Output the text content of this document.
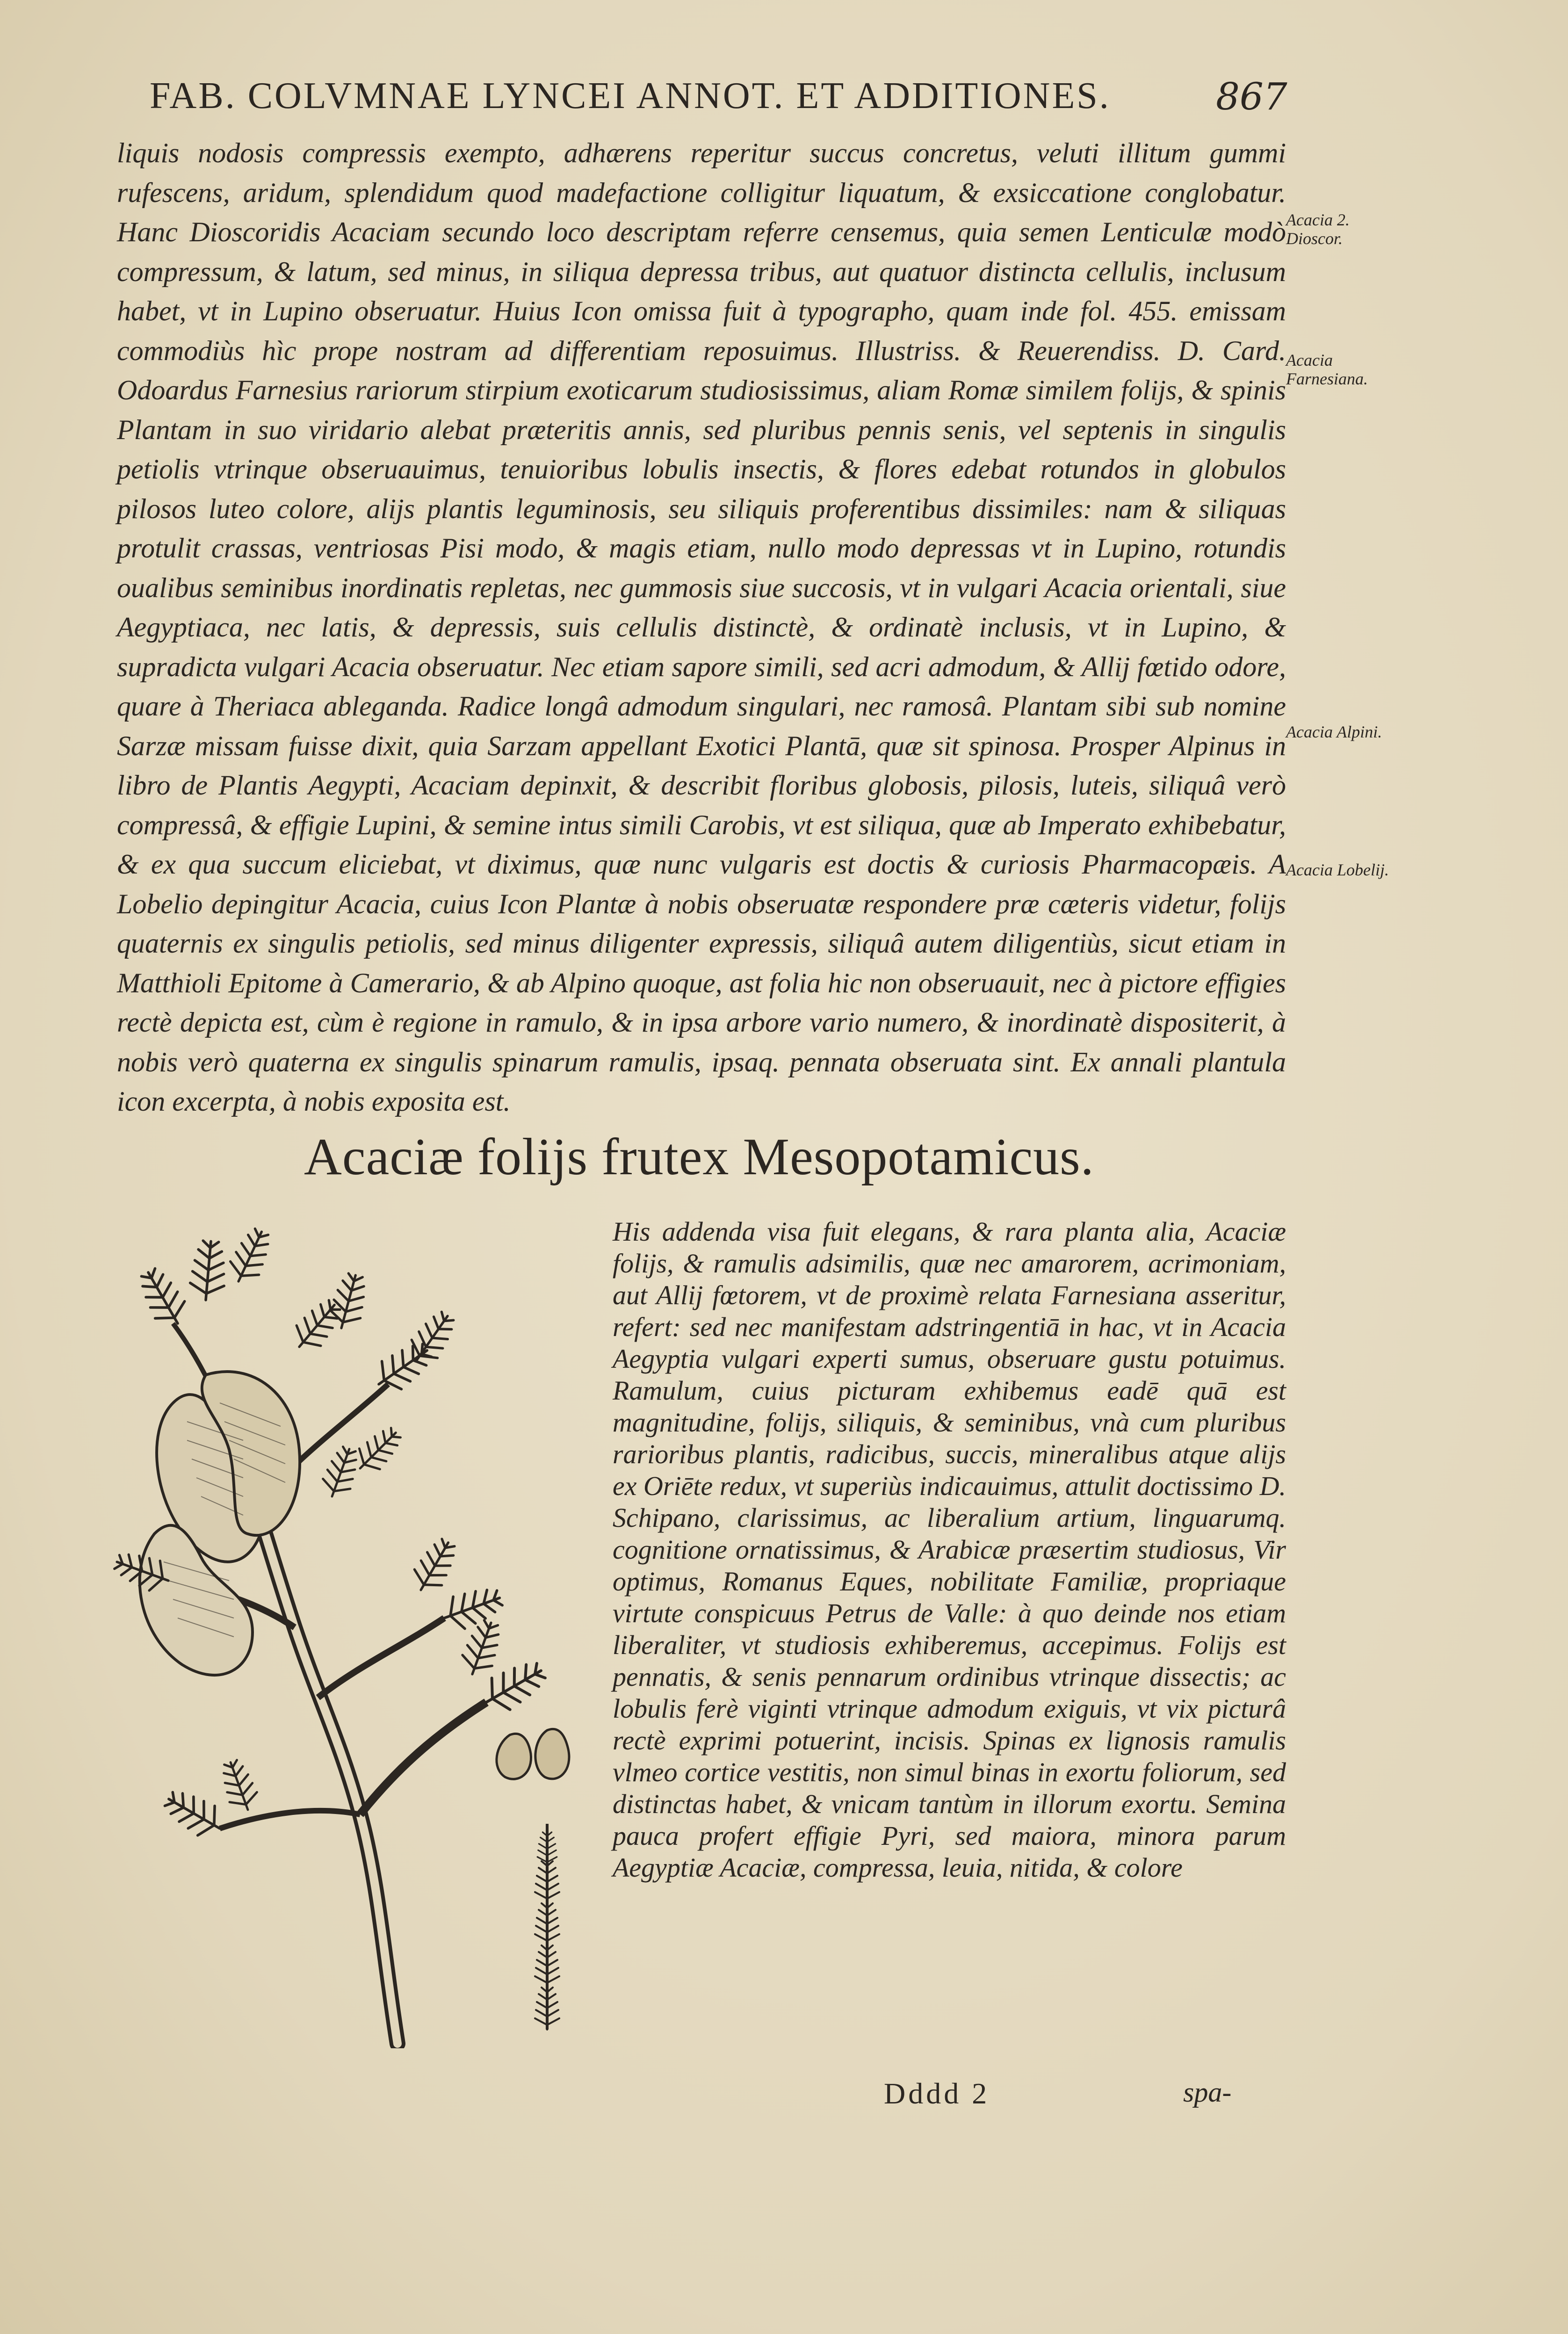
FAB. COLVMNAE LYNCEI ANNOT. ET ADDITIONES.	867
liquis nodosis compressis exempto, adhærens reperitur succus concretus, veluti illitum gummi rufescens, aridum, splendidum quod madefactione colligitur liquatum, & exsiccatione conglobatur. Hanc Dioscoridis Acaciam secundo loco descriptam referre censemus, quia semen Lenticulæ modò compressum, & latum, sed minus, in siliqua depressa tribus, aut quatuor distincta cellulis, inclusum habet, vt in Lupino obseruatur. Huius Icon omissa fuit à typographo, quam inde fol. 455. emissam commodiùs hìc prope nostram ad differentiam reposuimus. Illustriss. & Reuerendiss. D. Card. Odoardus Farnesius rariorum stirpium exoticarum studiosissimus, aliam Romæ similem folijs, & spinis Plantam in suo viridario alebat præteritis annis, sed pluribus pennis senis, vel septenis in singulis petiolis vtrinque obseruauimus, tenuioribus lobulis insectis, & flores edebat rotundos in globulos pilosos luteo colore, alijs plantis leguminosis, seu siliquis proferentibus dissimiles: nam & siliquas protulit crassas, ventriosas Pisi modo, & magis etiam, nullo modo depressas vt in Lupino, rotundis oualibus seminibus inordinatis repletas, nec gummosis siue succosis, vt in vulgari Acacia orientali, siue Aegyptiaca, nec latis, & depressis, suis cellulis distinctè, & ordinatè inclusis, vt in Lupino, & supradicta vulgari Acacia obseruatur. Nec etiam sapore simili, sed acri admodum, & Allij fœtido odore, quare à Theriaca ablegandа. Radice longâ admodum singulari, nec ramosâ. Plantam sibi sub nomine Sarzæ missam fuisse dixit, quia Sarzam appellant Exotici Plantā, quæ sit spinosa. Prosper Alpinus in libro de Plantis Aegypti, Acaciam depinxit, & describit floribus globosis, pilosis, luteis, siliquâ verò compressâ, & effigie Lupini, & semine intus simili Carobis, vt est siliqua, quæ ab Imperato exhibebatur, & ex qua succum eliciebat, vt diximus, quæ nunc vulgaris est doctis & curiosis Pharmacopæis. A Lobelio depingitur Acacia, cuius Icon Plantæ à nobis obseruatæ respondere præ cæteris videtur, folijs quaternis ex singulis petiolis, sed minus diligenter expressis, siliquâ autem diligentiùs, sicut etiam in Matthioli Epitome à Camerario, & ab Alpino quoque, ast folia hic non obseruauit, nec à pictore effigies rectè depicta est, cùm è regione in ramulo, & in ipsa arbore vario numero, & inordinatè dispositerit, à nobis verò quaterna ex singulis spinarum ramulis, ipsaq. pennata obseruata sint. Ex annali plantula icon excerpta, à nobis exposita est.
Acacia 2. Dioscor.
Acacia Farnesiana.
Acacia Alpini.
Acacia Lobelij.
Acaciæ folijs frutex Mesopotamicus.
His addenda visa fuit elegans, & rara planta alia, Acaciæ folijs, & ramulis adsimilis, quæ nec amarorem, acrimoniam, aut Allij fœtorem, vt de proximè relata Farnesiana asseritur, refert: sed nec manifestam adstringentiā in hac, vt in Acacia Aegyptia vulgari experti sumus, obseruare gustu potuimus. Ramulum, cuius picturam exhibemus eadē quā est magnitudine, folijs, siliquis, & seminibus, vnà cum pluribus rarioribus plantis, radicibus, succis, mineralibus atque alijs ex Oriēte redux, vt superiùs indicauimus, attulit doctissimo D. Schipano, clarissimus, ac liberalium artium, linguarumq. cognitione ornatissimus, & Arabicæ præsertim studiosus, Vir optimus, Romanus Eques, nobilitate Familiæ, propriaque virtute conspicuus Petrus de Valle: à quo deinde nos etiam liberaliter, vt studiosis exhiberemus, accepimus. Folijs est pennatis, & senis pennarum ordinibus vtrinque dissectis; ac lobulis ferè viginti vtrinque admodum exiguis, vt vix picturâ rectè exprimi potuerint, incisis. Spinas ex lignosis ramulis vlmeo cortice vestitis, non simul binas in exortu foliorum, sed distinctas habet, & vnicam tantùm in illorum exortu. Semina pauca profert effigie Pyri, sed maiora, minora parum Aegyptiæ Acaciæ, compressa, leuia, nitida, & colore
Dddd 2	spa-
